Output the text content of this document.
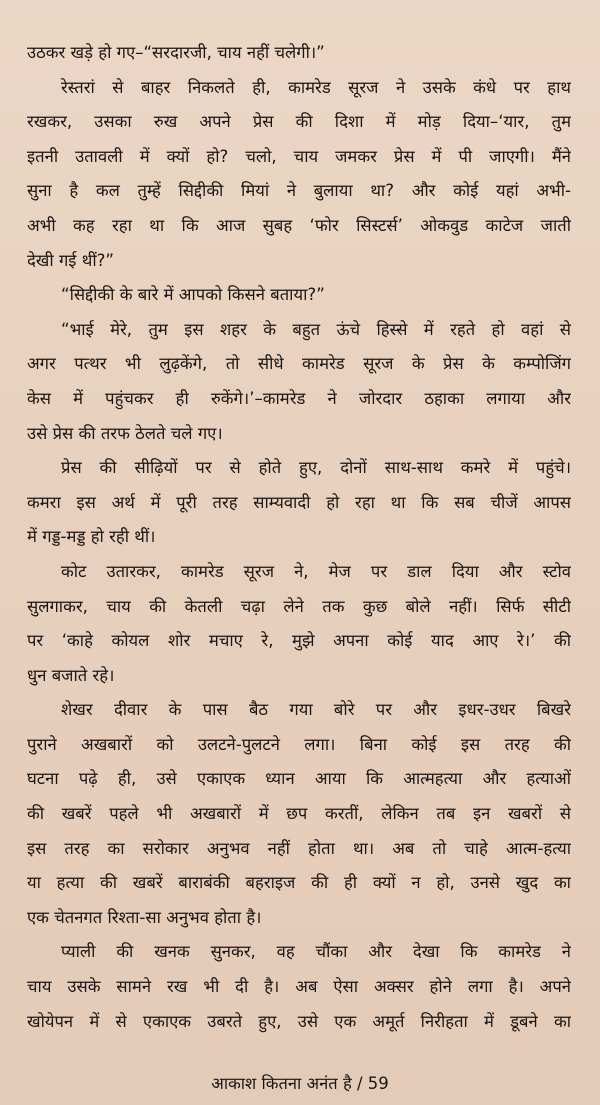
उठकर खड़े हो गए–“सरदारजी, चाय नहीं चलेगी।”
रेस्तरां से बाहर निकलते ही, कामरेड सूरज ने उसके कंधे पर हाथ
रखकर, उसका रुख अपने प्रेस की दिशा में मोड़ दिया–‘यार, तुम
इतनी उतावली में क्यों हो? चलो, चाय जमकर प्रेस में पी जाएगी। मैंने
सुना है कल तुम्हें सिद्दीकी मियां ने बुलाया था? और कोई यहां अभी-
अभी कह रहा था कि आज सुबह ‘फोर सिस्टर्स’ ओकवुड काटेज जाती
देखी गई थीं?”
“सिद्दीकी के बारे में आपको किसने बताया?”
“भाई मेरे, तुम इस शहर के बहुत ऊंचे हिस्से में रहते हो वहां से
अगर पत्थर भी लुढ़केंगे, तो सीधे कामरेड सूरज के प्रेस के कम्पोजिंग
केस में पहुंचकर ही रुकेंगे।’–कामरेड ने जोरदार ठहाका लगाया और
उसे प्रेस की तरफ ठेलते चले गए।
प्रेस की सीढ़ियों पर से होते हुए, दोनों साथ-साथ कमरे में पहुंचे।
कमरा इस अर्थ में पूरी तरह साम्यवादी हो रहा था कि सब चीजें आपस
में गड्ड-मड्ड हो रही थीं।
कोट उतारकर, कामरेड सूरज ने, मेज पर डाल दिया और स्टोव
सुलगाकर, चाय की केतली चढ़ा लेने तक कुछ बोले नहीं। सिर्फ सीटी
पर ‘काहे कोयल शोर मचाए रे, मुझे अपना कोई याद आए रे।’ की
धुन बजाते रहे।
शेखर दीवार के पास बैठ गया बोरे पर और इधर-उधर बिखरे
पुराने अखबारों को उलटने-पुलटने लगा। बिना कोई इस तरह की
घटना पढ़े ही, उसे एकाएक ध्यान आया कि आत्महत्या और हत्याओं
की खबरें पहले भी अखबारों में छप करतीं, लेकिन तब इन खबरों से
इस तरह का सरोकार अनुभव नहीं होता था। अब तो चाहे आत्म-हत्या
या हत्या की खबरें बाराबंकी बहराइज की ही क्यों न हो, उनसे खुद का
एक चेतनगत रिश्ता-सा अनुभव होता है।
प्याली की खनक सुनकर, वह चौंका और देखा कि कामरेड ने
चाय उसके सामने रख भी दी है। अब ऐसा अक्सर होने लगा है। अपने
खोयेपन में से एकाएक उबरते हुए, उसे एक अमूर्त निरीहता में डूबने का
आकाश कितना अनंत है / 59
